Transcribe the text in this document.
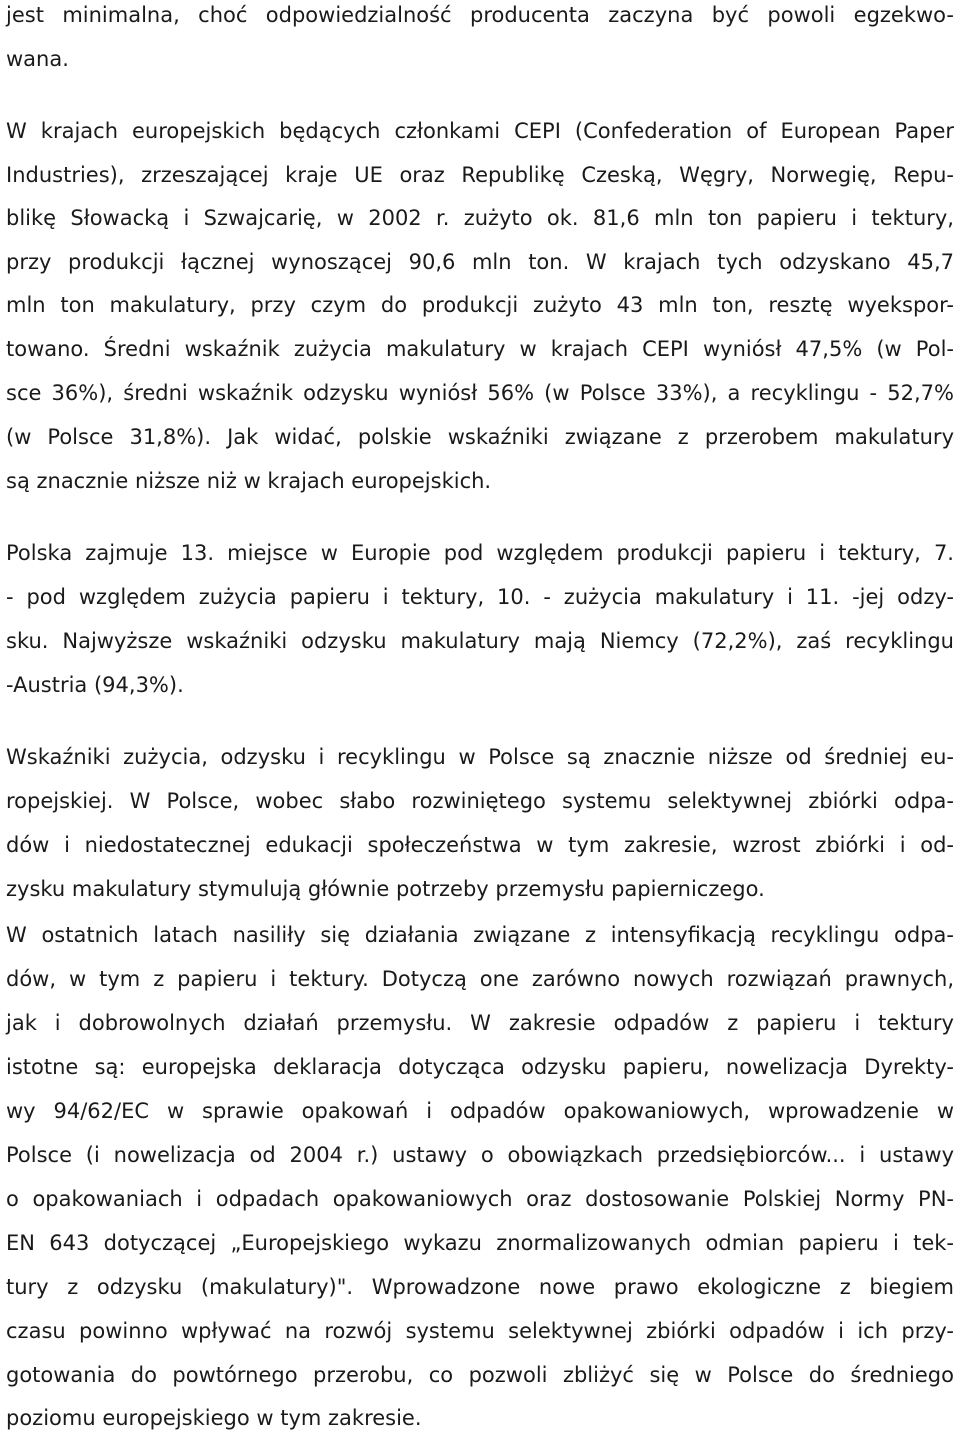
jest minimalna, choć odpowiedzialność producenta zaczyna być powoli egzekwo-

wana.

W krajach europejskich będących członkami CEPI (Confederation of European Paper

Industries), zrzeszającej kraje UE oraz Republikę Czeską, Węgry, Norwegię, Repu-

blikę Słowacką i Szwajcarię, w 2002 r. zużyto ok. 81,6 mln ton papieru i tektury,

przy produkcji łącznej wynoszącej 90,6 mln ton. W krajach tych odzyskano 45,7

mln ton makulatury, przy czym do produkcji zużyto 43 mln ton, resztę wyekspor-

towano. Średni wskaźnik zużycia makulatury w krajach CEPI wyniósł 47,5% (w Pol-

sce 36%), średni wskaźnik odzysku wyniósł 56% (w Polsce 33%), a recyklingu - 52,7%

(w Polsce 31,8%). Jak widać, polskie wskaźniki związane z przerobem makulatury

są znacznie niższe niż w krajach europejskich.

Polska zajmuje 13. miejsce w Europie pod względem produkcji papieru i tektury, 7.

- pod względem zużycia papieru i tektury, 10. - zużycia makulatury i 11. -jej odzy-

sku. Najwyższe wskaźniki odzysku makulatury mają Niemcy (72,2%), zaś recyklingu

-Austria (94,3%).

Wskaźniki zużycia, odzysku i recyklingu w Polsce są znacznie niższe od średniej eu-

ropejskiej. W Polsce, wobec słabo rozwiniętego systemu selektywnej zbiórki odpa-

dów i niedostatecznej edukacji społeczeństwa w tym zakresie, wzrost zbiórki i od-

zysku makulatury stymulują głównie potrzeby przemysłu papierniczego.

W ostatnich latach nasiliły się działania związane z intensyfikacją recyklingu odpa-

dów, w tym z papieru i tektury. Dotyczą one zarówno nowych rozwiązań prawnych,

jak i dobrowolnych działań przemysłu. W zakresie odpadów z papieru i tektury

istotne są: europejska deklaracja dotycząca odzysku papieru, nowelizacja Dyrekty-

wy 94/62/EC w sprawie opakowań i odpadów opakowaniowych, wprowadzenie w

Polsce (i nowelizacja od 2004 r.) ustawy o obowiązkach przedsiębiorców... i ustawy

o opakowaniach i odpadach opakowaniowych oraz dostosowanie Polskiej Normy PN-

EN 643 dotyczącej „Europejskiego wykazu znormalizowanych odmian papieru i tek-

tury z odzysku (makulatury)". Wprowadzone nowe prawo ekologiczne z biegiem

czasu powinno wpływać na rozwój systemu selektywnej zbiórki odpadów i ich przy-

gotowania do powtórnego przerobu, co pozwoli zbliżyć się w Polsce do średniego

poziomu europejskiego w tym zakresie.
